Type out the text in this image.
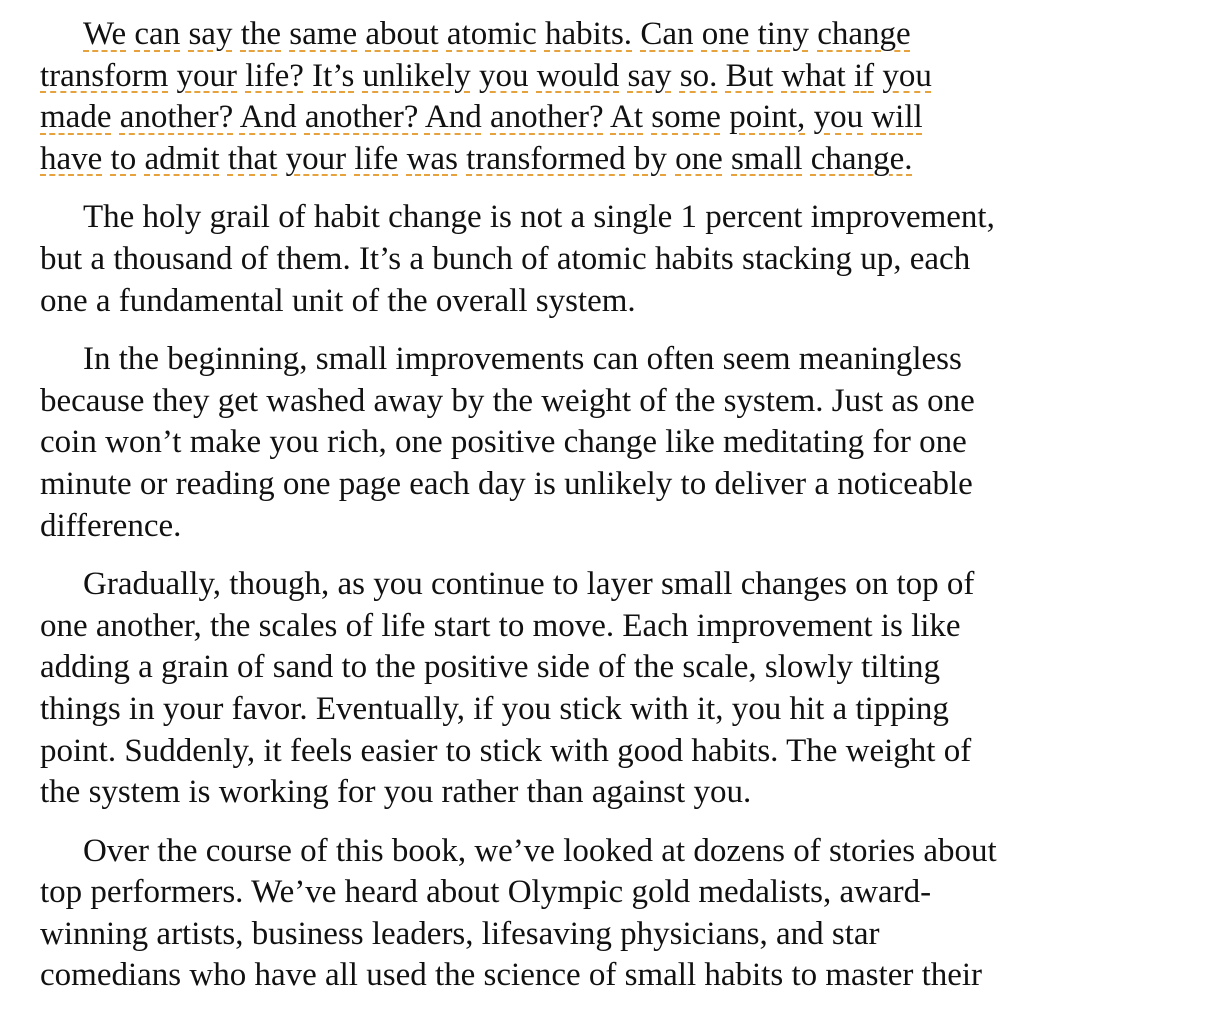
We can say the same about atomic habits. Can one tiny change
transform your life? It’s unlikely you would say so. But what if you
made another? And another? And another? At some point, you will
have to admit that your life was transformed by one small change.

The holy grail of habit change is not a single 1 percent improvement,
but a thousand of them. It’s a bunch of atomic habits stacking up, each
one a fundamental unit of the overall system.

In the beginning, small improvements can often seem meaningless
because they get washed away by the weight of the system. Just as one
coin won’t make you rich, one positive change like meditating for one
minute or reading one page each day is unlikely to deliver a noticeable
difference.

Gradually, though, as you continue to layer small changes on top of
one another, the scales of life start to move. Each improvement is like
adding a grain of sand to the positive side of the scale, slowly tilting
things in your favor. Eventually, if you stick with it, you hit a tipping
point. Suddenly, it feels easier to stick with good habits. The weight of
the system is working for you rather than against you.

Over the course of this book, we’ve looked at dozens of stories about
top performers. We’ve heard about Olympic gold medalists, award-
winning artists, business leaders, lifesaving physicians, and star
comedians who have all used the science of small habits to master their
